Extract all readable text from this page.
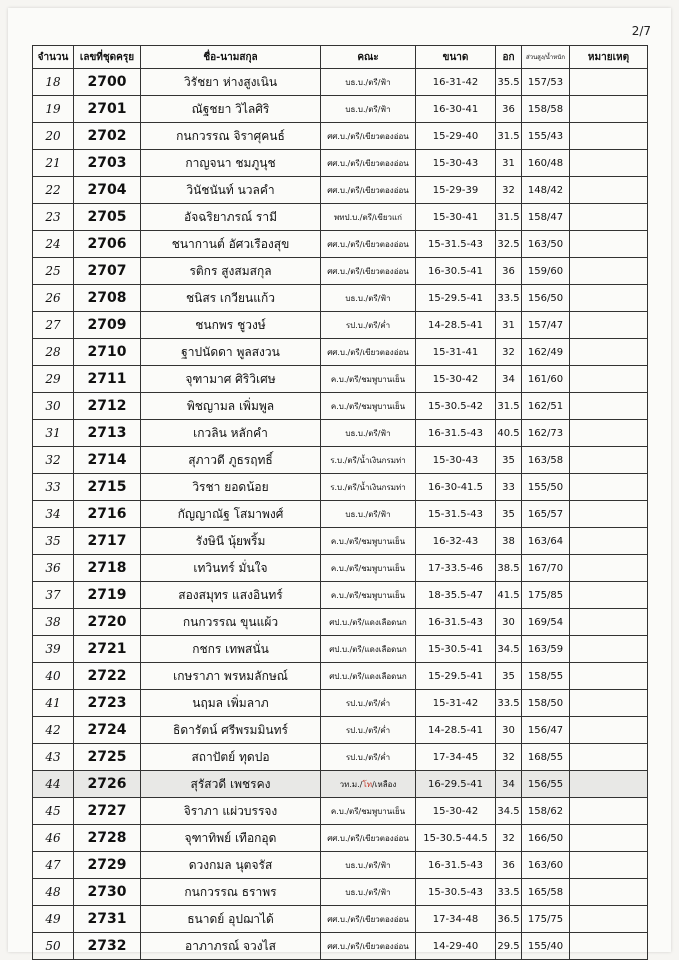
2/7
จำนวน	เลขที่ชุดครุย	ชื่อ-นามสกุล	คณะ	ขนาด	อก	ส่วนสูง/น้ำหนัก	หมายเหตุ
18	2700	วิรัชยา ห่างสูงเนิน	บธ.บ./ตรี/ฟ้า	16-31-42	35.5	157/53	
19	2701	ณัฐชยา วิไลศิริ	บธ.บ./ตรี/ฟ้า	16-30-41	36	158/58	
20	2702	กนกวรรณ จิราศุคนธ์	ศศ.บ./ตรี/เขียวตองอ่อน	15-29-40	31.5	155/43	
21	2703	กาญจนา ชมภูนุช	ศศ.บ./ตรี/เขียวตองอ่อน	15-30-43	31	160/48	
22	2704	วินัชนันท์ นวลคำ	ศศ.บ./ตรี/เขียวตองอ่อน	15-29-39	32	148/42	
23	2705	อัจฉริยาภรณ์ รามี	พทป.บ./ตรี/เขียวแก่	15-30-41	31.5	158/47	
24	2706	ชนากานต์ อัศวเรืองสุข	ศศ.บ./ตรี/เขียวตองอ่อน	15-31.5-43	32.5	163/50	
25	2707	รติกร สูงสมสกุล	ศศ.บ./ตรี/เขียวตองอ่อน	16-30.5-41	36	159/60	
26	2708	ชนิสร เกวียนแก้ว	บธ.บ./ตรี/ฟ้า	15-29.5-41	33.5	156/50	
27	2709	ชนกพร ชูวงษ์	รป.บ./ตรี/ค่ำ	14-28.5-41	31	157/47	
28	2710	ฐาปนัดดา พูลสงวน	ศศ.บ./ตรี/เขียวตองอ่อน	15-31-41	32	162/49	
29	2711	จุฑามาศ ศิริวิเศษ	ค.บ./ตรี/ชมพูบานเย็น	15-30-42	34	161/60	
30	2712	พิชญามล เพิ่มพูล	ค.บ./ตรี/ชมพูบานเย็น	15-30.5-42	31.5	162/51	
31	2713	เกวลิน หลักคำ	บธ.บ./ตรี/ฟ้า	16-31.5-43	40.5	162/73	
32	2714	สุภาวดี ภูธรฤทธิ์	ร.บ./ตรี/น้ำเงินกรมท่า	15-30-43	35	163/58	
33	2715	วิรชา ยอดน้อย	ร.บ./ตรี/น้ำเงินกรมท่า	16-30-41.5	33	155/50	
34	2716	กัญญาณัฐ โสมาพงศ์	บธ.บ./ตรี/ฟ้า	15-31.5-43	35	165/57	
35	2717	รังษินี นุ้ยพริ้ม	ค.บ./ตรี/ชมพูบานเย็น	16-32-43	38	163/64	
36	2718	เทวินทร์ มั่นใจ	ค.บ./ตรี/ชมพูบานเย็น	17-33.5-46	38.5	167/70	
37	2719	สองสมุทร แสงอินทร์	ค.บ./ตรี/ชมพูบานเย็น	18-35.5-47	41.5	175/85	
38	2720	กนกวรรณ ขุนแผ้ว	ศป.บ./ตรี/แดงเลือดนก	16-31.5-43	30	169/54	
39	2721	กชกร เทพสนั่น	ศป.บ./ตรี/แดงเลือดนก	15-30.5-41	34.5	163/59	
40	2722	เกษราภา พรหมลักษณ์	ศป.บ./ตรี/แดงเลือดนก	15-29.5-41	35	158/55	
41	2723	นฤมล เพิ่มลาภ	รป.บ./ตรี/ค่ำ	15-31-42	33.5	158/50	
42	2724	ธิดารัตน์ ศรีพรมมินทร์	รป.บ./ตรี/ค่ำ	14-28.5-41	30	156/47	
43	2725	สถาปัตย์ ทุดปอ	รป.บ./ตรี/ค่ำ	17-34-45	32	168/55	
44	2726	สุรัสวดี เพชรคง	วท.ม./โท/เหลือง	16-29.5-41	34	156/55	
45	2727	จิราภา แผ่วบรรจง	ค.บ./ตรี/ชมพูบานเย็น	15-30-42	34.5	158/62	
46	2728	จุฑาทิพย์ เทือกอุด	ศศ.บ./ตรี/เขียวตองอ่อน	15-30.5-44.5	32	166/50	
47	2729	ดวงกมล นุตจรัส	บธ.บ./ตรี/ฟ้า	16-31.5-43	36	163/60	
48	2730	กนกวรรณ ธราพร	บธ.บ./ตรี/ฟ้า	15-30.5-43	33.5	165/58	
49	2731	ธนาดย์ อุปฌาได้	ศศ.บ./ตรี/เขียวตองอ่อน	17-34-48	36.5	175/75	
50	2732	อาภาภรณ์ จวงไส	ศศ.บ./ตรี/เขียวตองอ่อน	14-29-40	29.5	155/40	
